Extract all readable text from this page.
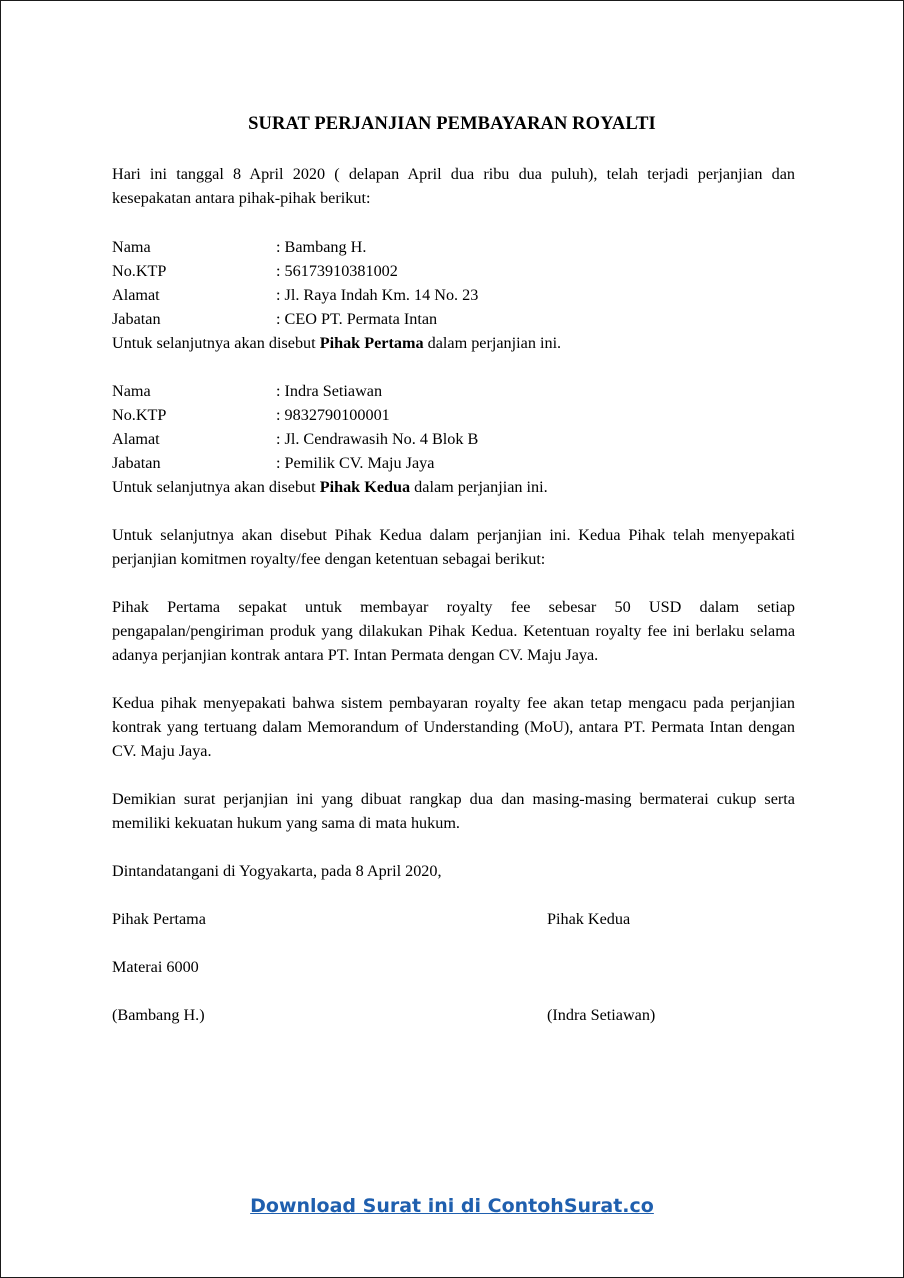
SURAT PERJANJIAN PEMBAYARAN ROYALTI
Hari ini tanggal 8 April 2020 ( delapan April dua ribu dua puluh), telah terjadi perjanjian dan kesepakatan antara pihak-pihak berikut:
Nama	: Bambang H.
No.KTP	: 56173910381002
Alamat	: Jl. Raya Indah Km. 14 No. 23
Jabatan	: CEO PT. Permata Intan
Untuk selanjutnya akan disebut Pihak Pertama dalam perjanjian ini.
Nama	: Indra Setiawan
No.KTP	: 9832790100001
Alamat	: Jl. Cendrawasih No. 4 Blok B
Jabatan	: Pemilik CV. Maju Jaya
Untuk selanjutnya akan disebut Pihak Kedua dalam perjanjian ini.
Untuk selanjutnya akan disebut Pihak Kedua dalam perjanjian ini. Kedua Pihak telah menyepakati perjanjian komitmen royalty/fee dengan ketentuan sebagai berikut:
Pihak Pertama sepakat untuk membayar royalty fee sebesar 50 USD dalam setiap pengapalan/pengiriman produk yang dilakukan Pihak Kedua. Ketentuan royalty fee ini berlaku selama adanya perjanjian kontrak antara PT. Intan Permata dengan CV. Maju Jaya.
Kedua pihak menyepakati bahwa sistem pembayaran royalty fee akan tetap mengacu pada perjanjian kontrak yang tertuang dalam Memorandum of Understanding (MoU), antara PT. Permata Intan dengan CV. Maju Jaya.
Demikian surat perjanjian ini yang dibuat rangkap dua dan masing-masing bermaterai cukup serta memiliki kekuatan hukum yang sama di mata hukum.
Dintandatangani di Yogyakarta, pada 8 April 2020,
Pihak Pertama	Pihak Kedua
Materai 6000
(Bambang H.)	(Indra Setiawan)
Download Surat ini di ContohSurat.co
